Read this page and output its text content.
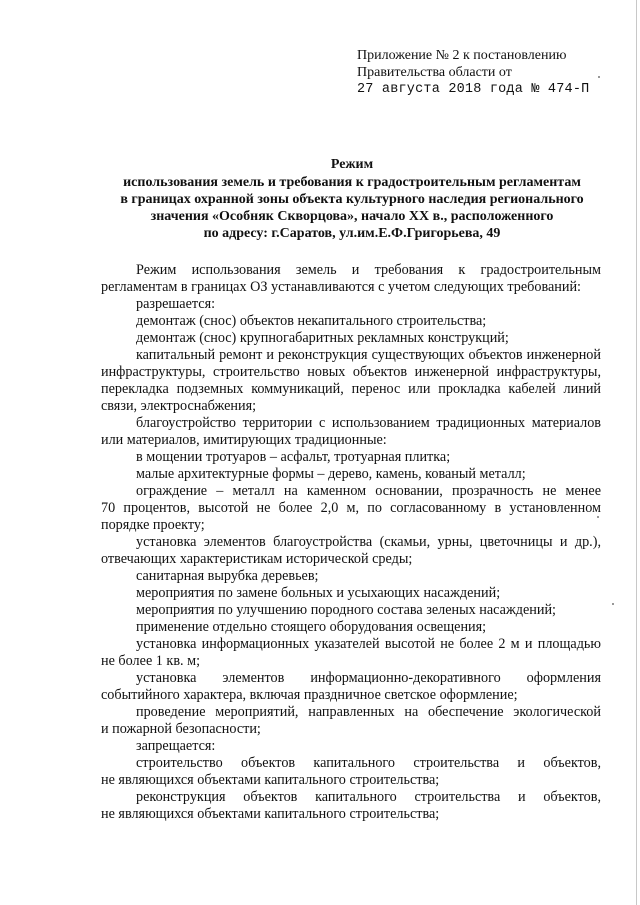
Приложение № 2 к постановлению
Правительства области от
27 августа 2018 года № 474-П
Режим
использования земель и требования к градостроительным регламентам
в границах охранной зоны объекта культурного наследия регионального
значения «Особняк Скворцова», начало XX в., расположенного
по адресу: г.Саратов, ул.им.Е.Ф.Григорьева, 49

Режим использования земель и требования к градостроительным

регламентам в границах ОЗ устанавливаются с учетом следующих требований:

разрешается:

демонтаж (снос) объектов некапитального строительства;

демонтаж (снос) крупногабаритных рекламных конструкций;

капитальный ремонт и реконструкция существующих объектов инженерной

инфраструктуры, строительство новых объектов инженерной инфраструктуры,

перекладка подземных коммуникаций, перенос или прокладка кабелей линий

связи, электроснабжения;

благоустройство территории с использованием традиционных материалов

или материалов, имитирующих традиционные:

в мощении тротуаров – асфальт, тротуарная плитка;

малые архитектурные формы – дерево, камень, кованый металл;

ограждение – металл на каменном основании, прозрачность не менее

70 процентов, высотой не более 2,0 м, по согласованному в установленном

порядке проекту;

установка элементов благоустройства (скамьи, урны, цветочницы и др.),

отвечающих характеристикам исторической среды;

санитарная вырубка деревьев;

мероприятия по замене больных и усыхающих насаждений;

мероприятия по улучшению породного состава зеленых насаждений;

применение отдельно стоящего оборудования освещения;

установка информационных указателей высотой не более 2 м и площадью

не более 1 кв. м;

установка элементов информационно-декоративного оформления

событийного характера, включая праздничное светское оформление;

проведение мероприятий, направленных на обеспечение экологической

и пожарной безопасности;

запрещается:

строительство объектов капитального строительства и объектов,

не являющихся объектами капитального строительства;

реконструкция объектов капитального строительства и объектов,

не являющихся объектами капитального строительства;
